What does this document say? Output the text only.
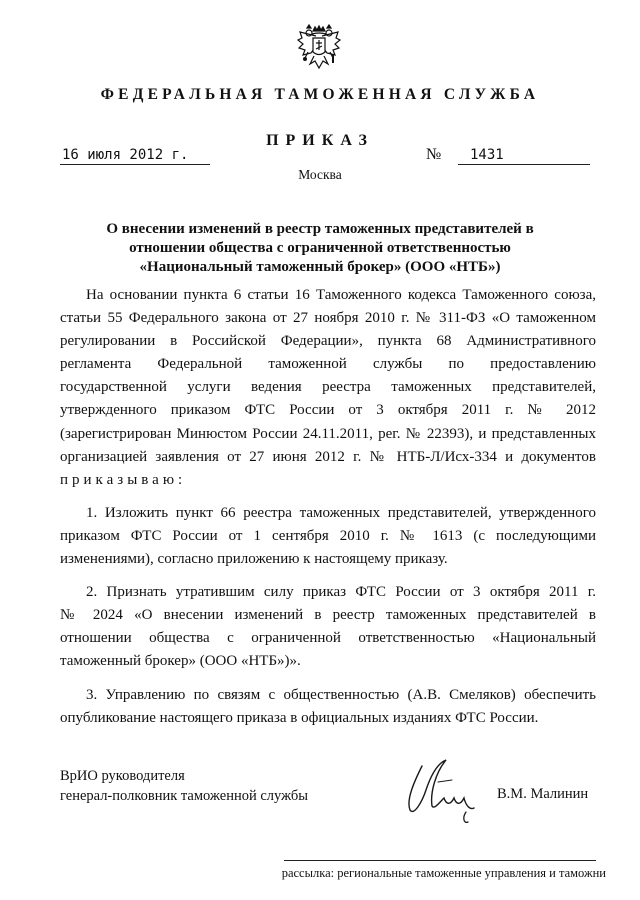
ФЕДЕРАЛЬНАЯ ТАМОЖЕННАЯ СЛУЖБА
ПРИКАЗ
16 июля 2012 г.	№	1431
Москва
О внесении изменений в реестр таможенных представителей в
отношении общества с ограниченной ответственностью
«Национальный таможенный брокер» (ООО «НТБ»)

На основании пункта 6 статьи 16 Таможенного кодекса Таможенного союза,

статьи 55 Федерального закона от 27 ноября 2010 г. № 311-ФЗ «О таможенном

регулировании в Российской Федерации», пункта 68 Административного

регламента Федеральной таможенной службы по предоставлению

государственной услуги ведения реестра таможенных представителей,

утвержденного приказом ФТС России от 3 октября 2011 г. № 2012

(зарегистрирован Минюстом России 24.11.2011, рег. № 22393), и представленных

организацией заявления от 27 июня 2012 г. № НТБ-Л/Исх-334 и документов

приказываю:

1. Изложить пункт 66 реестра таможенных представителей, утвержденного

приказом ФТС России от 1 сентября 2010 г. № 1613 (с последующими

изменениями), согласно приложению к настоящему приказу.

2. Признать утратившим силу приказ ФТС России от 3 октября 2011 г.

№ 2024 «О внесении изменений в реестр таможенных представителей в

отношении общества с ограниченной ответственностью «Национальный

таможенный брокер» (ООО «НТБ»)».

3. Управлению по связям с общественностью (А.В. Смеляков) обеспечить

опубликование настоящего приказа в официальных изданиях ФТС России.

ВрИО руководителя
генерал-полковник таможенной службы	В.М. Малинин
рассылка: региональные таможенные управления и таможни
